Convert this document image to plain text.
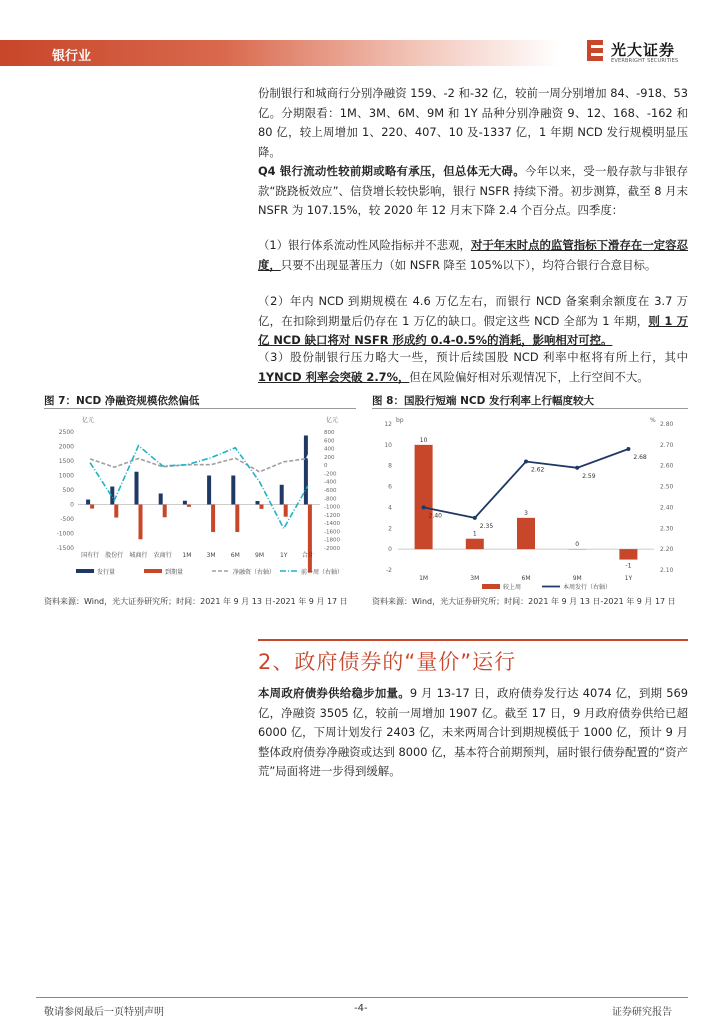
银行业	光大证券
EVERBRIGHT SECURITIES
份制银行和城商行分别净融资 159、-2 和-32 亿，较前一周分别增加 84、-918、53 亿。分期限看：1M、3M、6M、9M 和 1Y 品种分别净融资 9、12、168、-162 和 80 亿，较上周增加 1、220、407、10 及-1337 亿，1 年期 NCD 发行规模明显压降。
Q4 银行流动性较前期或略有承压，但总体无大碍。今年以来，受一般存款与非银存款“跷跷板效应”、信贷增长较快影响，银行 NSFR 持续下滑。初步测算，截至 8 月末 NSFR 为 107.15%，较 2020 年 12 月末下降 2.4 个百分点。四季度：
（1）银行体系流动性风险指标并不悲观，对于年末时点的监管指标下滑存在一定容忍度，只要不出现显著压力（如 NSFR 降至 105%以下），均符合银行合意目标。
（2）年内 NCD 到期规模在 4.6 万亿左右，而银行 NCD 备案剩余额度在 3.7 万亿，在扣除到期量后仍存在 1 万亿的缺口。假定这些 NCD 全部为 1 年期，则 1 万亿 NCD 缺口将对 NSFR 形成约 0.4-0.5%的消耗，影响相对可控。
（3）股份制银行压力略大一些，预计后续国股 NCD 利率中枢将有所上行，其中 1YNCD 利率会突破 2.7%，但在风险偏好相对乐观情况下，上行空间不大。
图 7：NCD 净融资规模依然偏低
亿元	亿元
-1500
-1000
-500
0
500
1000
1500
2000
2500
-2000
-1800
-1600
-1400
-1200
-1000
-800
-600
-400
-200
0
200
400
600
800
▲
国有行 股份行 城商行 农商行 1M	3M	6M	9M	1Y 合计
发行量	到期量	净融资（右轴）	前一周（右轴）
资料来源：Wind，光大证券研究所；时间：2021 年 9 月 13 日-2021 年 9 月 17 日
图 8：国股行短端 NCD 发行利率上行幅度较大
bp	%
-2
0
2
4
6
8
10
12
2.10
2.20
2.30
2.40
2.50
2.60
2.70
2.80
10
1
3
0
-1
2.40
2.35
2.62
2.59
2.68
1M	3M	6M	9M	1Y
较上周	本周发行（右轴）
资料来源：Wind，光大证券研究所；时间：2021 年 9 月 13 日-2021 年 9 月 17 日
2、政府债券的“量价”运行
本周政府债券供给稳步加量。9 月 13-17 日，政府债券发行达 4074 亿，到期 569 亿，净融资 3505 亿，较前一周增加 1907 亿。截至 17 日，9 月政府债券供给已超 6000 亿，下周计划发行 2403 亿，未来两周合计到期规模低于 1000 亿，预计 9 月整体政府债券净融资或达到 8000 亿，基本符合前期预判，届时银行债券配置的“资产荒”局面将进一步得到缓解。
敬请参阅最后一页特别声明	-4-	证券研究报告
